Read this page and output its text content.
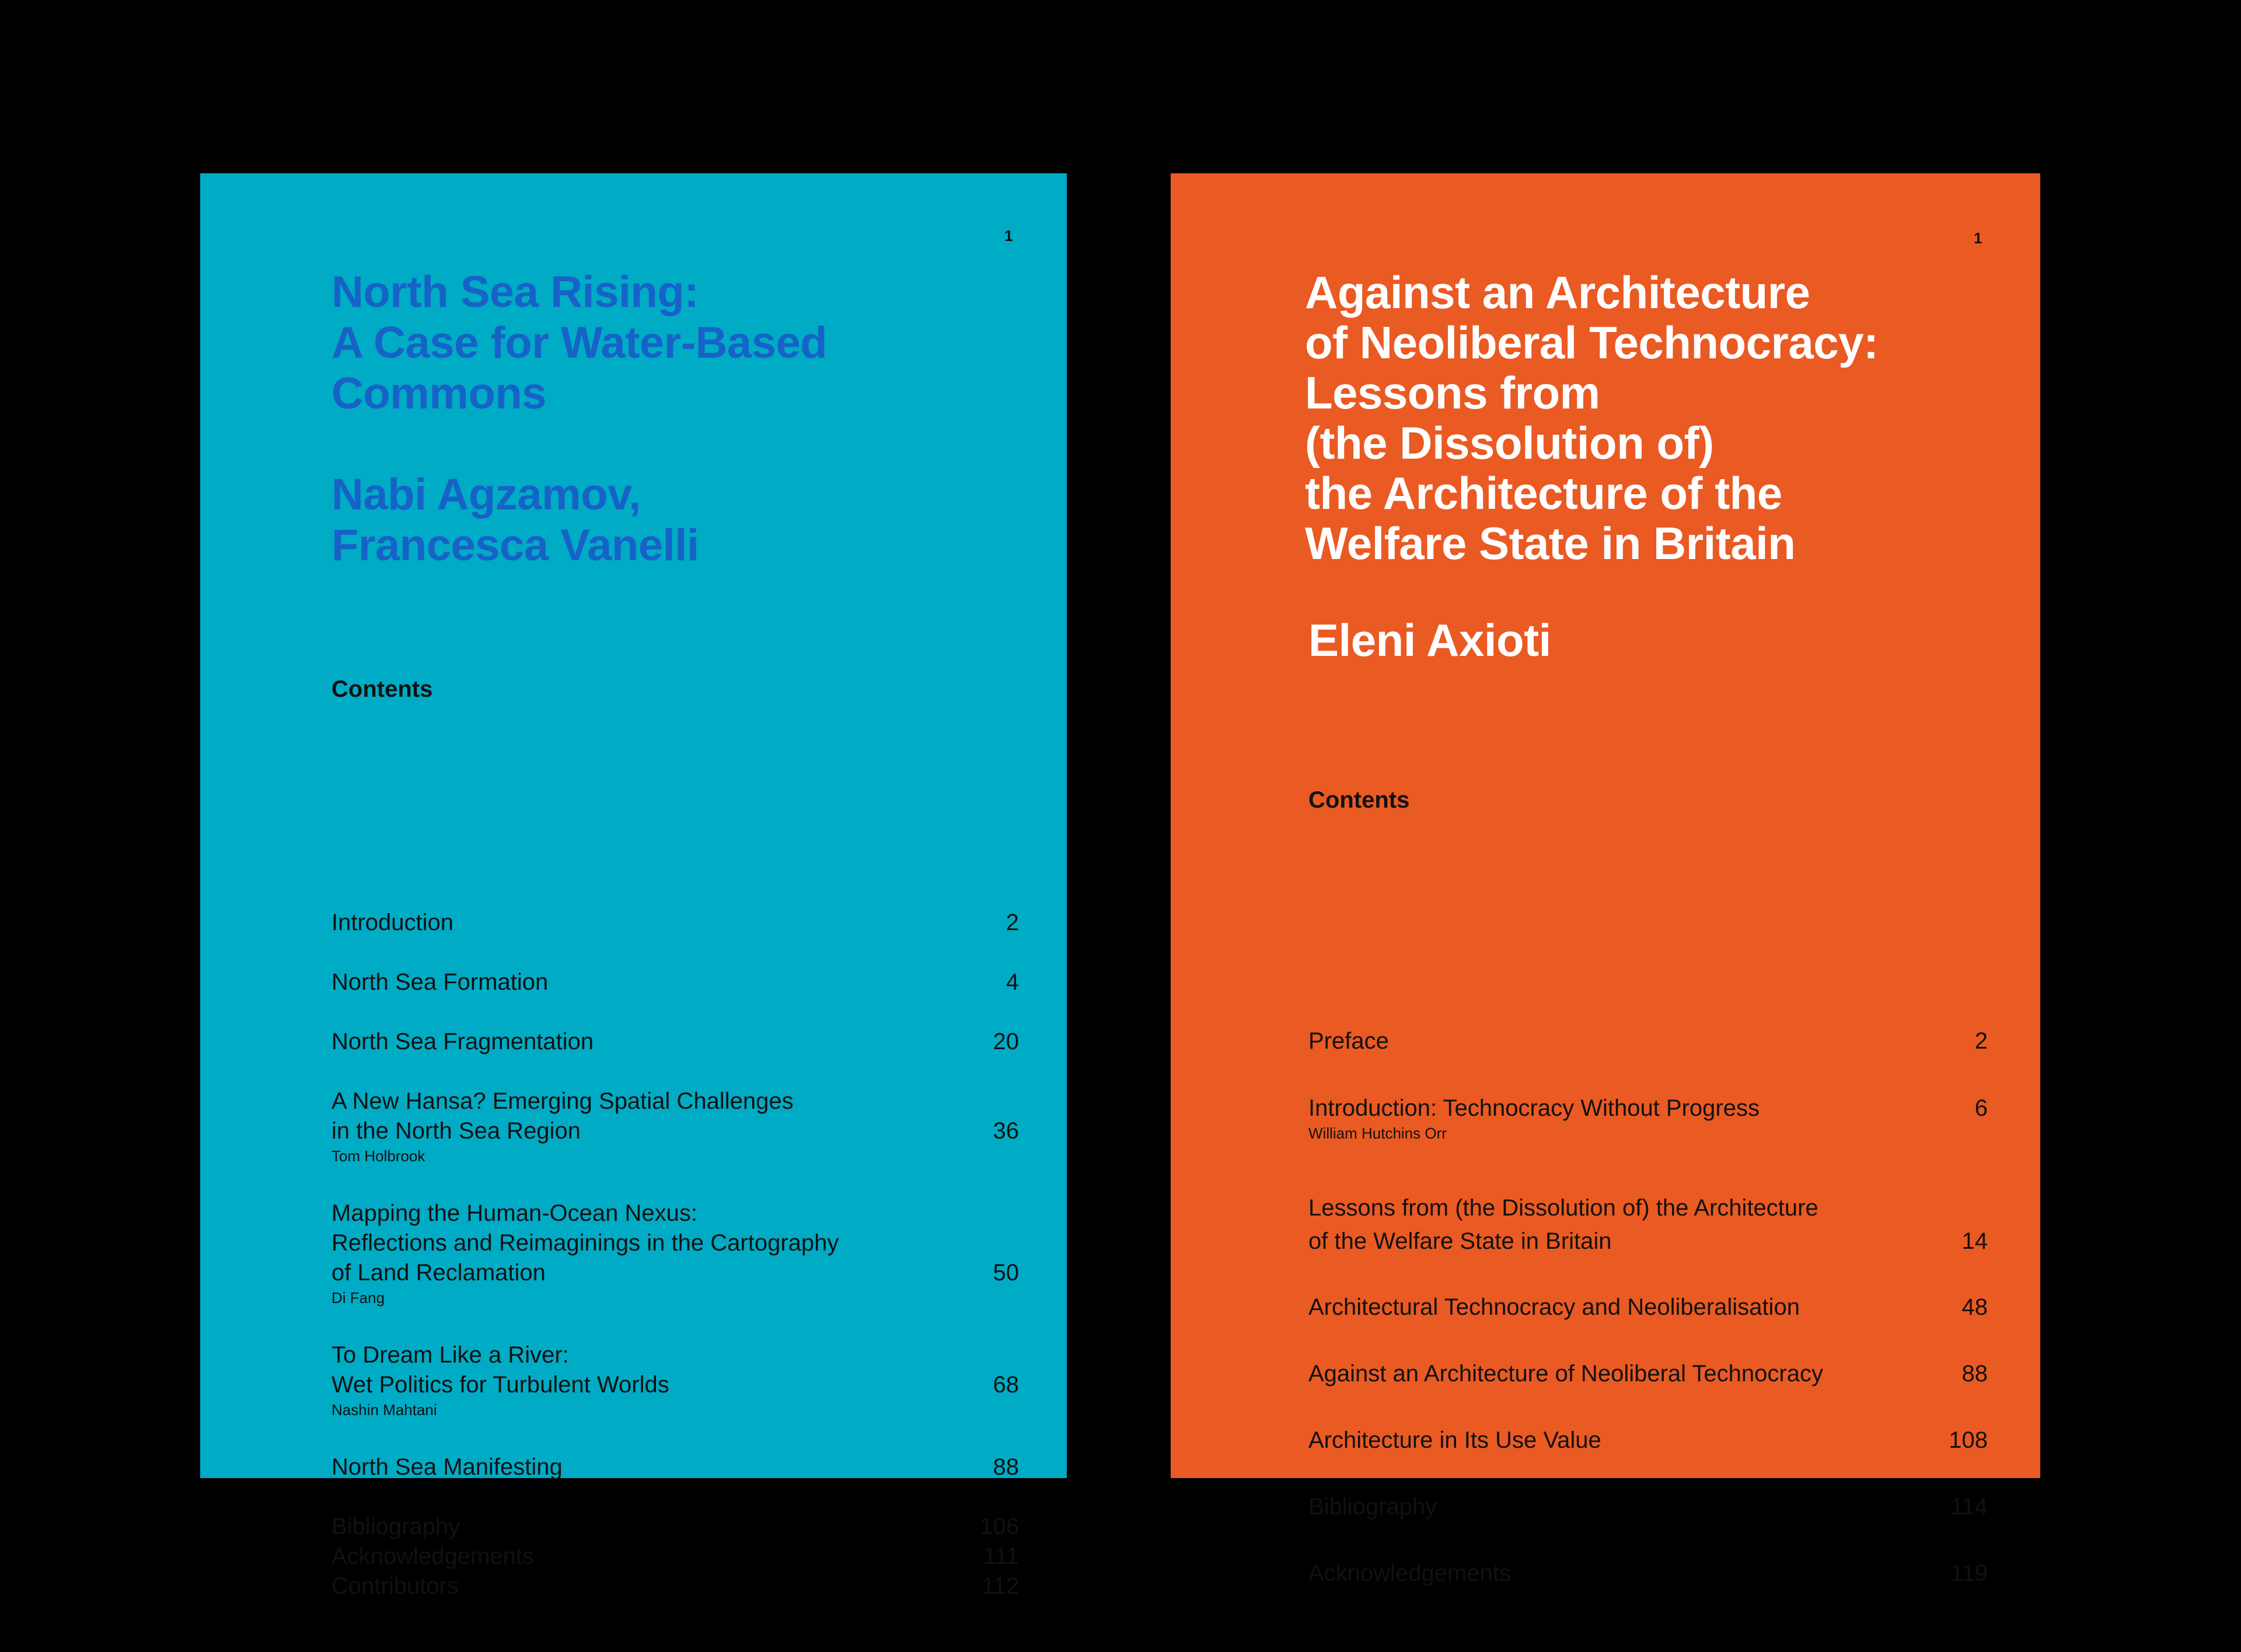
1
North Sea Rising:
A Case for Water-Based
Commons
Nabi Agzamov,
Francesca Vanelli
Contents
Introduction	2
North Sea Formation	4
North Sea Fragmentation	20
A New Hansa? Emerging Spatial Challenges
in the North Sea Region
Tom Holbrook
36
Mapping the Human-Ocean Nexus:
Reflections and Reimaginings in the Cartography
of Land Reclamation
Di Fang
50
To Dream Like a River:
Wet Politics for Turbulent Worlds
Nashin Mahtani
68
North Sea Manifesting	88
Bibliography	106
Acknowledgements	111
Contributors	112
1
Against an Architecture
of Neoliberal Technocracy:
Lessons from
(the Dissolution of)
the Architecture of the
Welfare State in Britain
Eleni Axioti
Contents
Preface	2
Introduction: Technocracy Without Progress
William Hutchins Orr
6
Lessons from (the Dissolution of) the Architecture
of the Welfare State in Britain	14
Architectural Technocracy and Neoliberalisation	48
Against an Architecture of Neoliberal Technocracy	88
Architecture in Its Use Value	108
Bibliography	114
Acknowledgements	119
